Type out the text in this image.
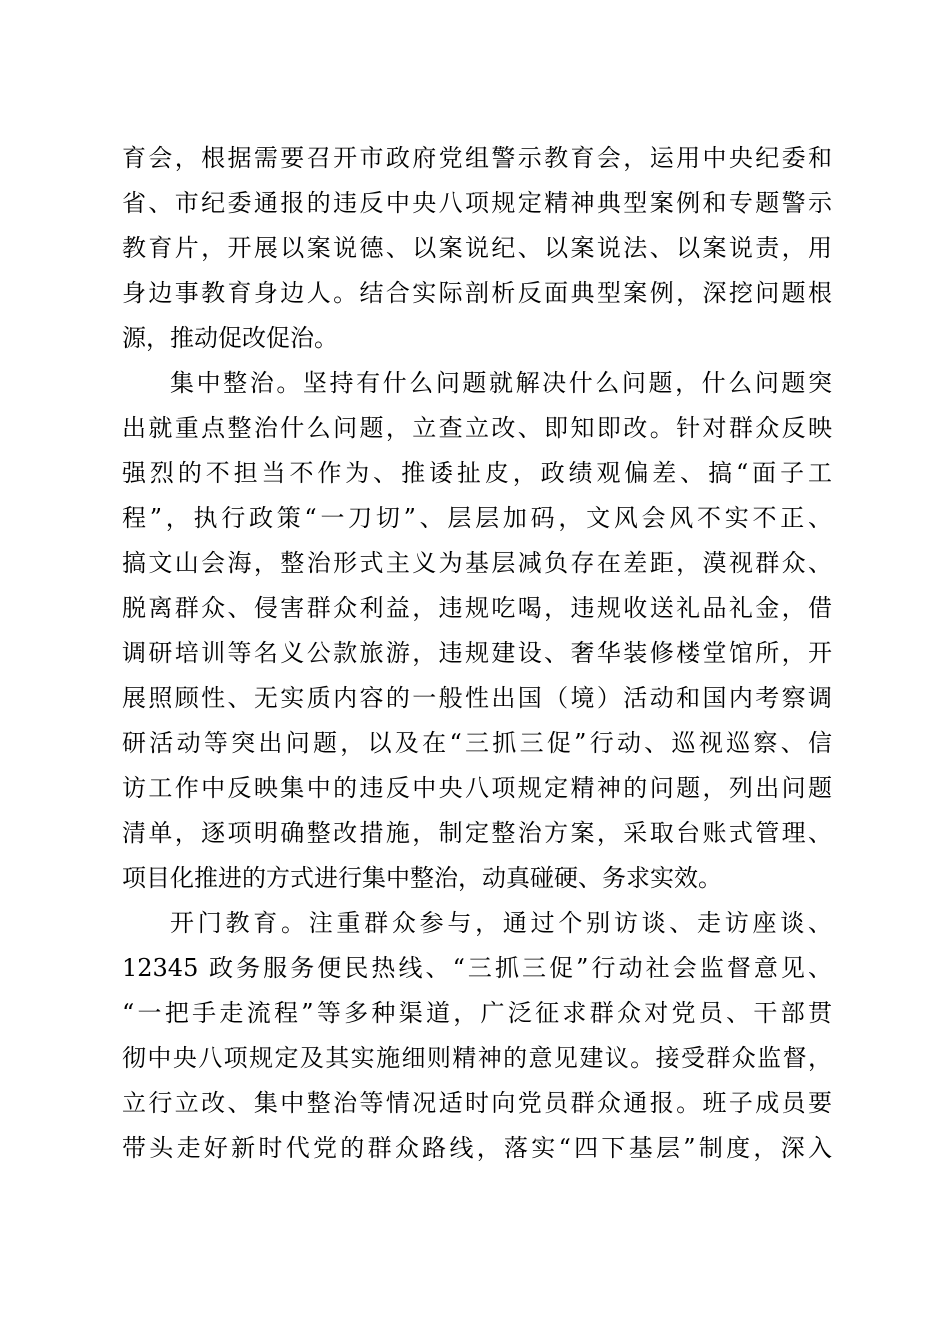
育会，根据需要召开市政府党组警示教育会，运用中央纪委和
省、市纪委通报的违反中央八项规定精神典型案例和专题警示
教育片，开展以案说德、以案说纪、以案说法、以案说责，用
身边事教育身边人。结合实际剖析反面典型案例，深挖问题根
源，推动促改促治。
集中整治。坚持有什么问题就解决什么问题，什么问题突
出就重点整治什么问题，立查立改、即知即改。针对群众反映
强烈的不担当不作为、推诿扯皮，政绩观偏差、搞“面子工
程”，执行政策“一刀切”、层层加码，文风会风不实不正、
搞文山会海，整治形式主义为基层减负存在差距，漠视群众、
脱离群众、侵害群众利益，违规吃喝，违规收送礼品礼金，借
调研培训等名义公款旅游，违规建设、奢华装修楼堂馆所，开
展照顾性、无实质内容的一般性出国（境）活动和国内考察调
研活动等突出问题，以及在“三抓三促”行动、巡视巡察、信
访工作中反映集中的违反中央八项规定精神的问题，列出问题
清单，逐项明确整改措施，制定整治方案，采取台账式管理、
项目化推进的方式进行集中整治，动真碰硬、务求实效。
开门教育。注重群众参与，通过个别访谈、走访座谈、
12345 政务服务便民热线、“三抓三促”行动社会监督意见、
“一把手走流程”等多种渠道，广泛征求群众对党员、干部贯
彻中央八项规定及其实施细则精神的意见建议。接受群众监督，
立行立改、集中整治等情况适时向党员群众通报。班子成员要
带头走好新时代党的群众路线，落实“四下基层”制度，深入
